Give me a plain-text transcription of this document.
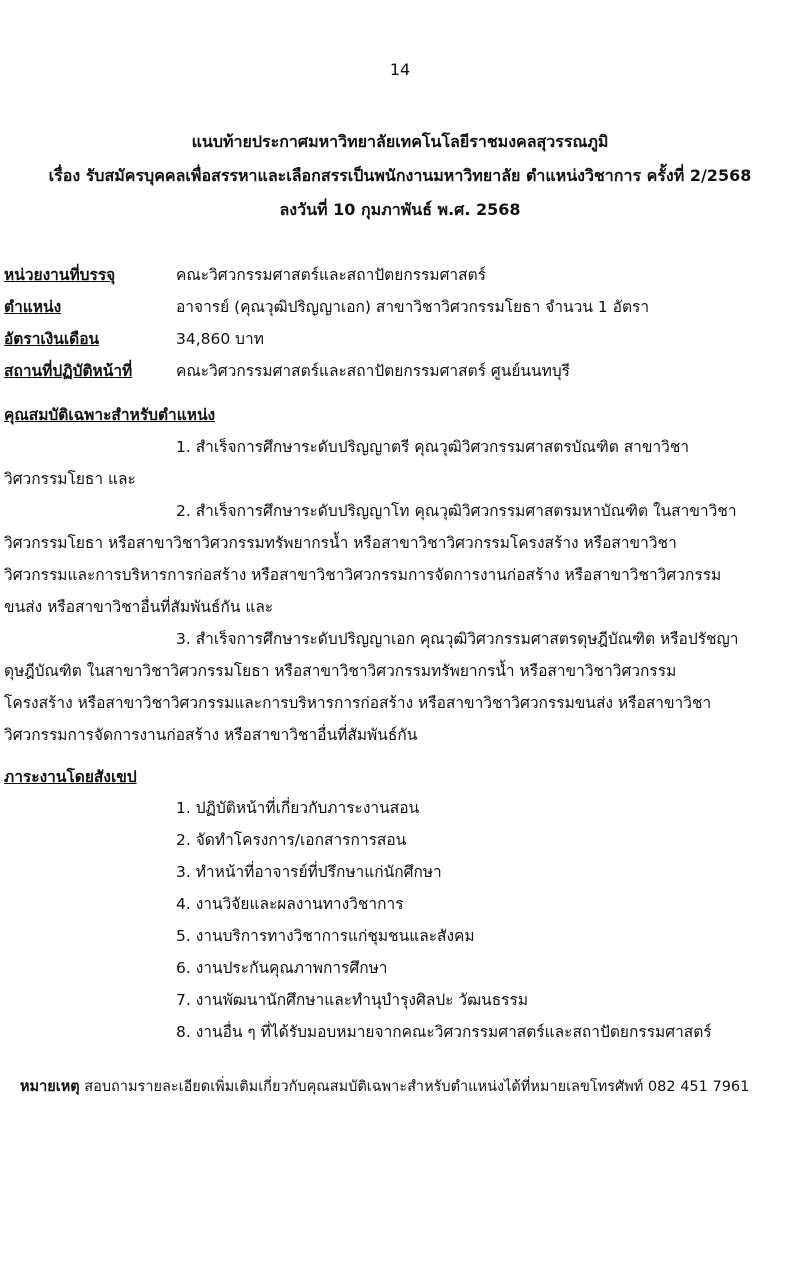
14
แนบท้ายประกาศมหาวิทยาลัยเทคโนโลยีราชมงคลสุวรรณภูมิ
เรื่อง รับสมัครบุคคลเพื่อสรรหาและเลือกสรรเป็นพนักงานมหาวิทยาลัย ตำแหน่งวิชาการ ครั้งที่ 2/2568
ลงวันที่ 10 กุมภาพันธ์ พ.ศ. 2568
หน่วยงานที่บรรจุ	คณะวิศวกรรมศาสตร์และสถาปัตยกรรมศาสตร์
ตำแหน่ง	อาจารย์ (คุณวุฒิปริญญาเอก) สาขาวิชาวิศวกรรมโยธา จำนวน 1 อัตรา
อัตราเงินเดือน	34,860 บาท
สถานที่ปฏิบัติหน้าที่	คณะวิศวกรรมศาสตร์และสถาปัตยกรรมศาสตร์ ศูนย์นนทบุรี
คุณสมบัติเฉพาะสำหรับตำแหน่ง
1. สำเร็จการศึกษาระดับปริญญาตรี คุณวุฒิวิศวกรรมศาสตรบัณฑิต สาขาวิชา
วิศวกรรมโยธา และ
2. สำเร็จการศึกษาระดับปริญญาโท คุณวุฒิวิศวกรรมศาสตรมหาบัณฑิต ในสาขาวิชา
วิศวกรรมโยธา หรือสาขาวิชาวิศวกรรมทรัพยากรน้ำ หรือสาขาวิชาวิศวกรรมโครงสร้าง หรือสาขาวิชา
วิศวกรรมและการบริหารการก่อสร้าง หรือสาขาวิชาวิศวกรรมการจัดการงานก่อสร้าง หรือสาขาวิชาวิศวกรรม
ขนส่ง หรือสาขาวิชาอื่นที่สัมพันธ์กัน และ
3. สำเร็จการศึกษาระดับปริญญาเอก คุณวุฒิวิศวกรรมศาสตรดุษฎีบัณฑิต หรือปรัชญา
ดุษฎีบัณฑิต ในสาขาวิชาวิศวกรรมโยธา หรือสาขาวิชาวิศวกรรมทรัพยากรน้ำ หรือสาขาวิชาวิศวกรรม
โครงสร้าง หรือสาขาวิชาวิศวกรรมและการบริหารการก่อสร้าง หรือสาขาวิชาวิศวกรรมขนส่ง หรือสาขาวิชา
วิศวกรรมการจัดการงานก่อสร้าง หรือสาขาวิชาอื่นที่สัมพันธ์กัน
ภาระงานโดยสังเขป
1. ปฏิบัติหน้าที่เกี่ยวกับภาระงานสอน
2. จัดทำโครงการ/เอกสารการสอน
3. ทำหน้าที่อาจารย์ที่ปรึกษาแก่นักศึกษา
4. งานวิจัยและผลงานทางวิชาการ
5. งานบริการทางวิชาการแก่ชุมชนและสังคม
6. งานประกันคุณภาพการศึกษา
7. งานพัฒนานักศึกษาและทำนุบำรุงศิลปะ วัฒนธรรม
8. งานอื่น ๆ ที่ได้รับมอบหมายจากคณะวิศวกรรมศาสตร์และสถาปัตยกรรมศาสตร์
หมายเหตุ สอบถามรายละเอียดเพิ่มเติมเกี่ยวกับคุณสมบัติเฉพาะสำหรับตำแหน่งได้ที่หมายเลขโทรศัพท์ 082 451 7961
